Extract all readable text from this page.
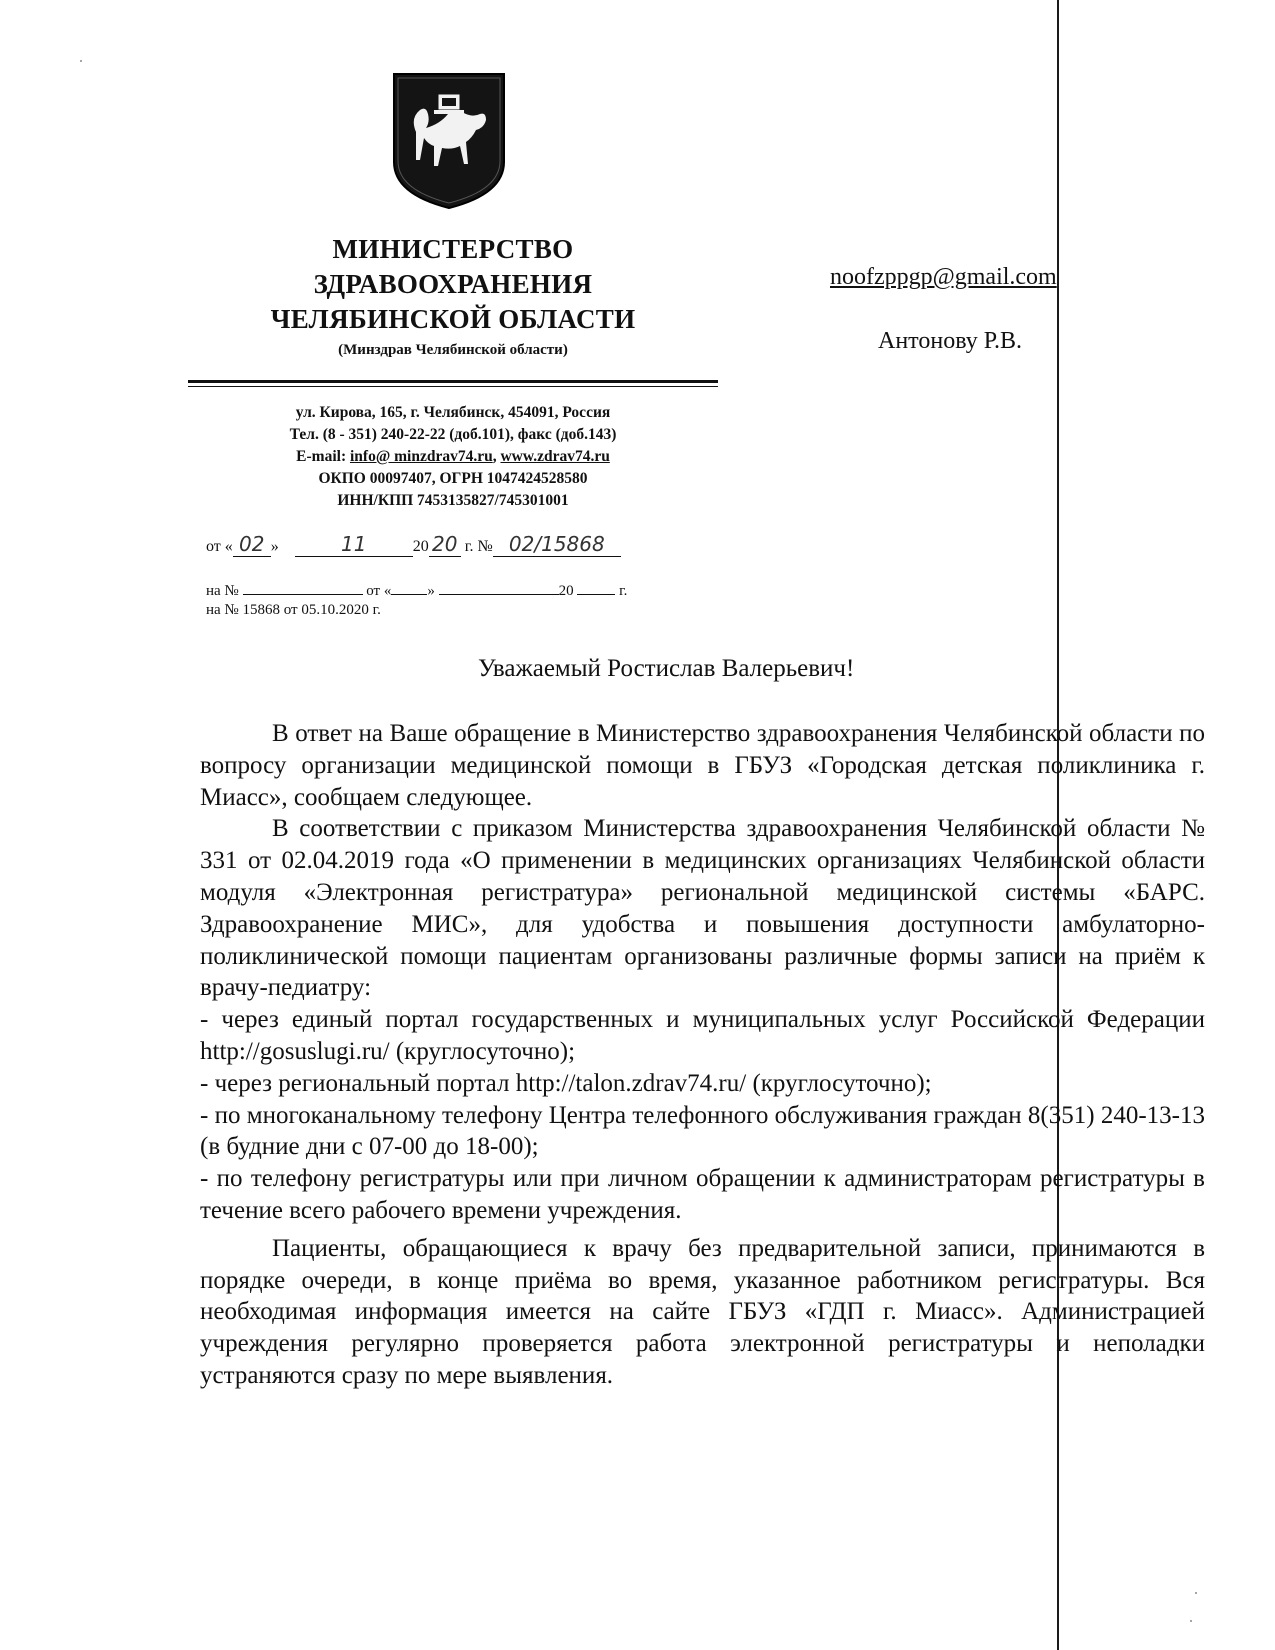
МИНИСТЕРСТВО
ЗДРАВООХРАНЕНИЯ
ЧЕЛЯБИНСКОЙ ОБЛАСТИ
(Минздрав Челябинской области)
ул. Кирова, 165, г. Челябинск, 454091, Россия
Тел. (8 - 351) 240-22-22 (доб.101), факс (доб.143)
E-mail: info@ minzdrav74.ru, www.zdrav74.ru
ОКПО 00097407, ОГРН 1047424528580
ИНН/КПП 7453135827/745301001
от « 02 »	11	20 20 г. № 02/15868
на №	от « »	20	г.
на № 15868 от 05.10.2020 г.
noofzppgp@gmail.com
Антонову Р.В.
Уважаемый Ростислав Валерьевич!

В ответ на Ваше обращение в Министерство здравоохранения Челябинской области по вопросу организации медицинской помощи в ГБУЗ «Городская детская поликлиника г. Миасс», сообщаем следующее.

В соответствии с приказом Министерства здравоохранения Челябинской области № 331 от 02.04.2019 года «О применении в медицинских организациях Челябинской области модуля «Электронная регистратура» региональной медицинской системы «БАРС. Здравоохранение МИС», для удобства и повышения доступности амбулаторно-поликлинической помощи пациентам организованы различные формы записи на приём к врачу-педиатру:

- через единый портал государственных и муниципальных услуг Российской Федерации http://gosuslugi.ru/ (круглосуточно);

- через региональный портал http://talon.zdrav74.ru/ (круглосуточно);

- по многоканальному телефону Центра телефонного обслуживания граждан 8(351) 240-13-13 (в будние дни с 07-00 до 18-00);

- по телефону регистратуры или при личном обращении к администраторам регистратуры в течение всего рабочего времени учреждения.

Пациенты, обращающиеся к врачу без предварительной записи, принимаются в порядке очереди, в конце приёма во время, указанное работником регистратуры. Вся необходимая информация имеется на сайте ГБУЗ «ГДП г. Миасс». Администрацией учреждения регулярно проверяется работа электронной регистратуры и неполадки устраняются сразу по мере выявления.
